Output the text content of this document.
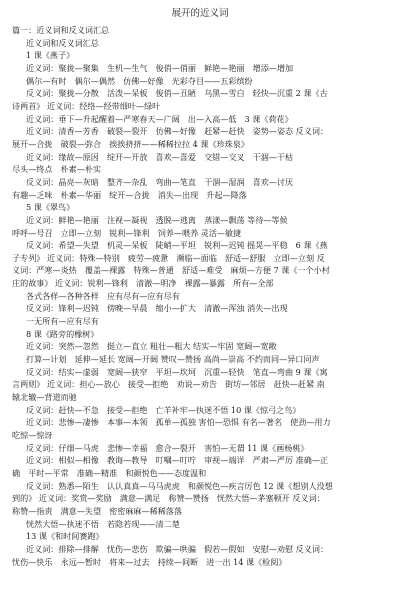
展开的近义词

篇一：近义词和反义词汇总

近义词和反义词汇总

1 课《燕子》

近义词：聚拢—聚集　生机—生气　俊俏—俏丽　鲜艳—艳丽　增添—增加

偶尔—有时　偶尔—偶然　仿佛—好像　光彩夺目——五彩缤纷

反义词：聚拢—分散　活泼—呆板　俊俏—丑陋　乌黑—雪白　轻快—沉重 2 课《古

诗两首》 近义词：经络—经带细叶—绿叶

近义词：垂下—升起醒着—严寒春天—广阔　出—入高—低　3 课《荷花》

近义词：清香—芳香　破裂—裂开　仿佛—好像　赶紧—赶快　姿势—姿态 反义词：

展开—合拢　破裂—弥合　挨挨挤挤——稀稀拉拉 4 课《珍珠泉》

近义词：缘故—原因　绽开—开放　喜欢—喜爱　交错—交叉　干涸—干枯

尽头—终点　朴素—朴实

反义词：晶亮—灰暗　整齐—杂乱　弯曲—笔直　干涸—湿润　喜欢—讨厌

有趣—乏味　朴素—华丽　绽开—合拢　消失—出现　升起—降落

5 课《翠鸟》

近义词：鲜艳—艳丽　注视—凝视　透脱—逃离　蒸漾—飘荡 等待—等候

呼呼—号召　立即—立刻　锐利—锋利　饲养—喂养 灵活—敏捷

反义词：希望—失望　机灵—呆板　陡峭—平坦　锐利—迟钝 摇晃—平稳　6 课《燕

子专列》 近义词：特殊—特别　疲劳—疲惫　濒临—面临　舒适—舒服　立即—立刻 反

义词：严寒—炎热　覆盖—裸露　特殊—普通　舒适—难受　麻烦—方便 7 课《一个小村

庄的故事》 近义词：锐利—锋利　清澈—明净　裸露—暴露　所有—全部

各式各样—各种各样　应有尽有—应有尽有

反义词：锋利—迟钝　傍晚—早晨　缩小—扩大　清澈—浑浊 消失—出现

一无所有—应有尽有

8 课《路旁的橡树》

近义词：突然—忽然　挺立—直立 粗壮—粗大 结实—牢固 宽阔—宽敞

打算—计划　延伸—延长 宽阔—开阔 赞叹—赞扬 高尚—崇高 不约而同—异口同声

反义词：结实—虚弱　宽阔—狭窄　平坦—坎坷　沉重—轻快　笔直—弯曲 9 课《寓

言两则》 近义词：担心—放心　接受—拒绝　劝说—劝告　街坊—邻居　赶快—赶紧 南

辕北辙—背道而驰

反义词：赶快—不急　接受—拒绝　亡羊补牢—执迷不悟 10 课《惊弓之鸟》

近义词：悲惨—凄惨　本事—本领　孤单—孤独 害怕—恐惧 有名—著名　使劲—用力

吃惊—惊讶

反义词：仔细—马虎　悲惨—幸福　愈合—裂开　害怕—无谓 11 课《画杨桃》

近义词：相似—相像　教诲—教导　叮嘱—叮咛　审视—端详　严肃—严厉 准确—正

确　平时—平常　准确—精准　和颜悦色——态度温和

反义词：熟悉—陌生　认认真真—马马虎虎　和颜悦色—疾言厉色 12 课《想别人没想

到的》 近义词：奖赏—奖励　满意—满足　称赞—赞扬　恍然大悟—茅塞顿开 反义词：

称赞—指责　满意—失望　密密麻麻—稀稀落落

恍然大悟—执迷不悟　若隐若现——清二楚

13 课《和时间赛跑》

近义词：排除—排解　忧伤—悲伤　欺骗—哄骗　假若—假如　安慰—劝慰 反义词：

忧伤—快乐　永远—暂时　将来—过去　持续—间断　进一出 14 课《检阅》
